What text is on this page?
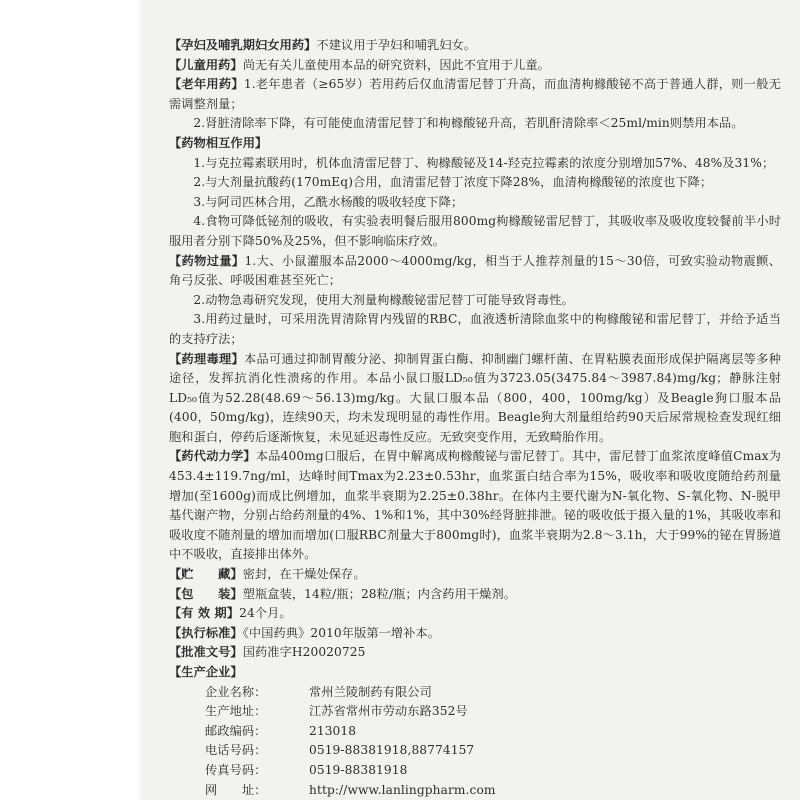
【孕妇及哺乳期妇女用药】不建议用于孕妇和哺乳妇女。

【儿童用药】尚无有关儿童使用本品的研究资料，因此不宜用于儿童。

【老年用药】1.老年患者（≥65岁）若用药后仅血清雷尼替丁升高，而血清枸橼酸铋不高于普通人群，则一般无需调整剂量；

2.肾脏清除率下降，有可能使血清雷尼替丁和枸橼酸铋升高，若肌酐清除率＜25ml/min则禁用本品。

【药物相互作用】

1.与克拉霉素联用时，机体血清雷尼替丁、枸橼酸铋及14-羟克拉霉素的浓度分别增加57%、48%及31%；

2.与大剂量抗酸药(170mEq)合用，血清雷尼替丁浓度下降28%，血清枸橼酸铋的浓度也下降；

3.与阿司匹林合用，乙酰水杨酸的吸收轻度下降；

4.食物可降低铋剂的吸收，有实验表明餐后服用800mg枸橼酸铋雷尼替丁，其吸收率及吸收度较餐前半小时服用者分别下降50%及25%，但不影响临床疗效。

【药物过量】1.大、小鼠灌服本品2000～4000mg/kg，相当于人推荐剂量的15～30倍，可致实验动物震颤、角弓反张、呼吸困难甚至死亡；

2.动物急毒研究发现，使用大剂量枸橼酸铋雷尼替丁可能导致肾毒性。

3.用药过量时，可采用洗胃清除胃内残留的RBC，血液透析清除血浆中的枸橼酸铋和雷尼替丁，并给予适当的支持疗法；

【药理毒理】本品可通过抑制胃酸分泌、抑制胃蛋白酶、抑制幽门螺杆菌、在胃粘膜表面形成保护隔离层等多种途径，发挥抗消化性溃疡的作用。本品小鼠口服LD₅₀值为3723.05(3475.84～3987.84)mg/kg；静脉注射LD₅₀值为52.28(48.69～56.13)mg/kg。大鼠口服本品（800，400，100mg/kg）及Beagle狗口服本品(400，50mg/kg)，连续90天，均未发现明显的毒性作用。Beagle狗大剂量组给药90天后尿常规检查发现红细胞和蛋白，停药后逐渐恢复，未见延迟毒性反应。无致突变作用，无致畸胎作用。

【药代动力学】本品400mg口服后，在胃中解离成枸橼酸铋与雷尼替丁。其中，雷尼替丁血浆浓度峰值Cmax为453.4±119.7ng/ml，达峰时间Tmax为2.23±0.53hr，血浆蛋白结合率为15%，吸收率和吸收度随给药剂量增加(至1600g)而成比例增加，血浆半衰期为2.25±0.38hr。在体内主要代谢为N-氧化物、S-氧化物、N-脱甲基代谢产物，分别占给药剂量的4%、1%和1%，其中30%经肾脏排泄。铋的吸收低于摄入量的1%，其吸收率和吸收度不随剂量的增加而增加(口服RBC剂量大于800mg时)，血浆半衰期为2.8～3.1h，大于99%的铋在胃肠道中不吸收，直接排出体外。

【贮　　藏】密封，在干燥处保存。

【包　　装】塑瓶盒装，14粒/瓶；28粒/瓶；内含药用干燥剂。

【有 效 期】24个月。

【执行标准】《中国药典》2010年版第一增补本。

【批准文号】国药准字H20020725

【生产企业】

企业名称：	常州兰陵制药有限公司
生产地址：	江苏省常州市劳动东路352号
邮政编码：	213018
电话号码：	0519-88381918,88774157
传真号码：	0519-88381918
网　　址：	http://www.lanlingpharm.com
